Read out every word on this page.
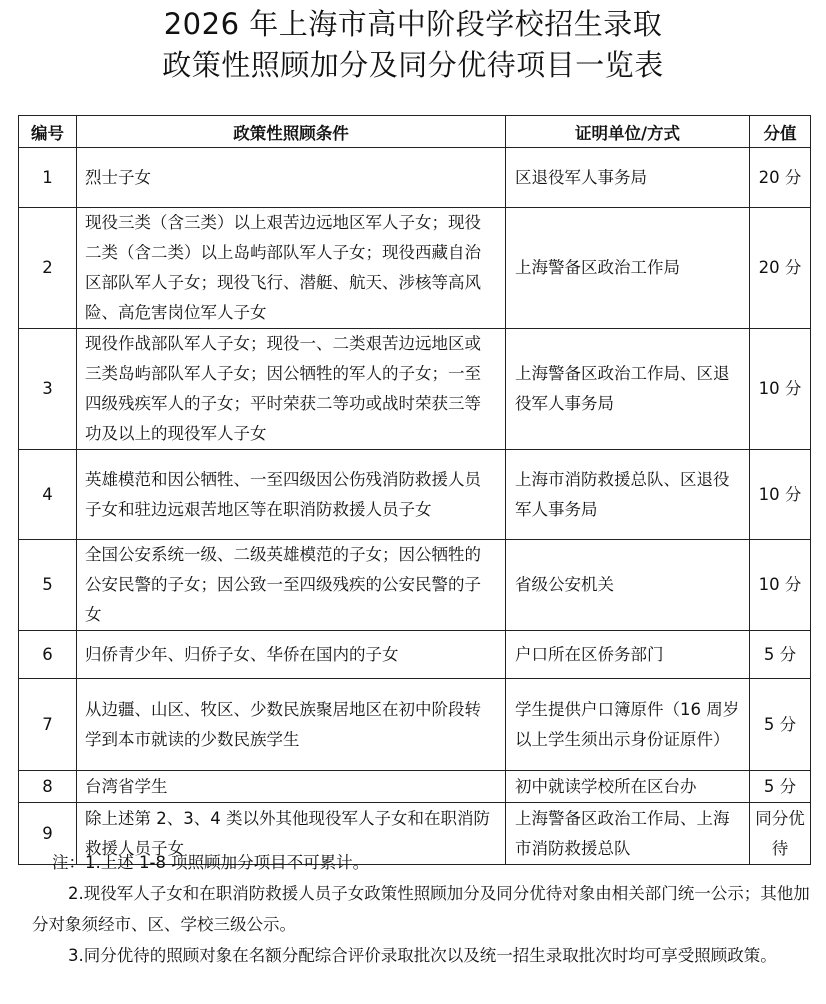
2026 年上海市高中阶段学校招生录取
政策性照顾加分及同分优待项目一览表
编号	政策性照顾条件	证明单位/方式	分值
1	烈士子女	区退役军人事务局	20 分
2	现役三类（含三类）以上艰苦边远地区军人子女；现役二类（含二类）以上岛屿部队军人子女；现役西藏自治区部队军人子女；现役飞行、潜艇、航天、涉核等高风险、高危害岗位军人子女	上海警备区政治工作局	20 分
3	现役作战部队军人子女；现役一、二类艰苦边远地区或三类岛屿部队军人子女；因公牺牲的军人的子女；一至四级残疾军人的子女；平时荣获二等功或战时荣获三等功及以上的现役军人子女	上海警备区政治工作局、区退役军人事务局	10 分
4	英雄模范和因公牺牲、一至四级因公伤残消防救援人员子女和驻边远艰苦地区等在职消防救援人员子女	上海市消防救援总队、区退役军人事务局	10 分
5	全国公安系统一级、二级英雄模范的子女；因公牺牲的公安民警的子女；因公致一至四级残疾的公安民警的子女	省级公安机关	10 分
6	归侨青少年、归侨子女、华侨在国内的子女	户口所在区侨务部门	5 分
7	从边疆、山区、牧区、少数民族聚居地区在初中阶段转学到本市就读的少数民族学生	学生提供户口簿原件（16 周岁以上学生须出示身份证原件）	5 分
8	台湾省学生	初中就读学校所在区台办	5 分
9	除上述第 2、3、4 类以外其他现役军人子女和在职消防救援人员子女	上海警备区政治工作局、上海市消防救援总队	同分优待
注：1.上述 1-8 项照顾加分项目不可累计。
2.现役军人子女和在职消防救援人员子女政策性照顾加分及同分优待对象由相关部门统一公示；其他加分对象须经市、区、学校三级公示。
3.同分优待的照顾对象在名额分配综合评价录取批次以及统一招生录取批次时均可享受照顾政策。
